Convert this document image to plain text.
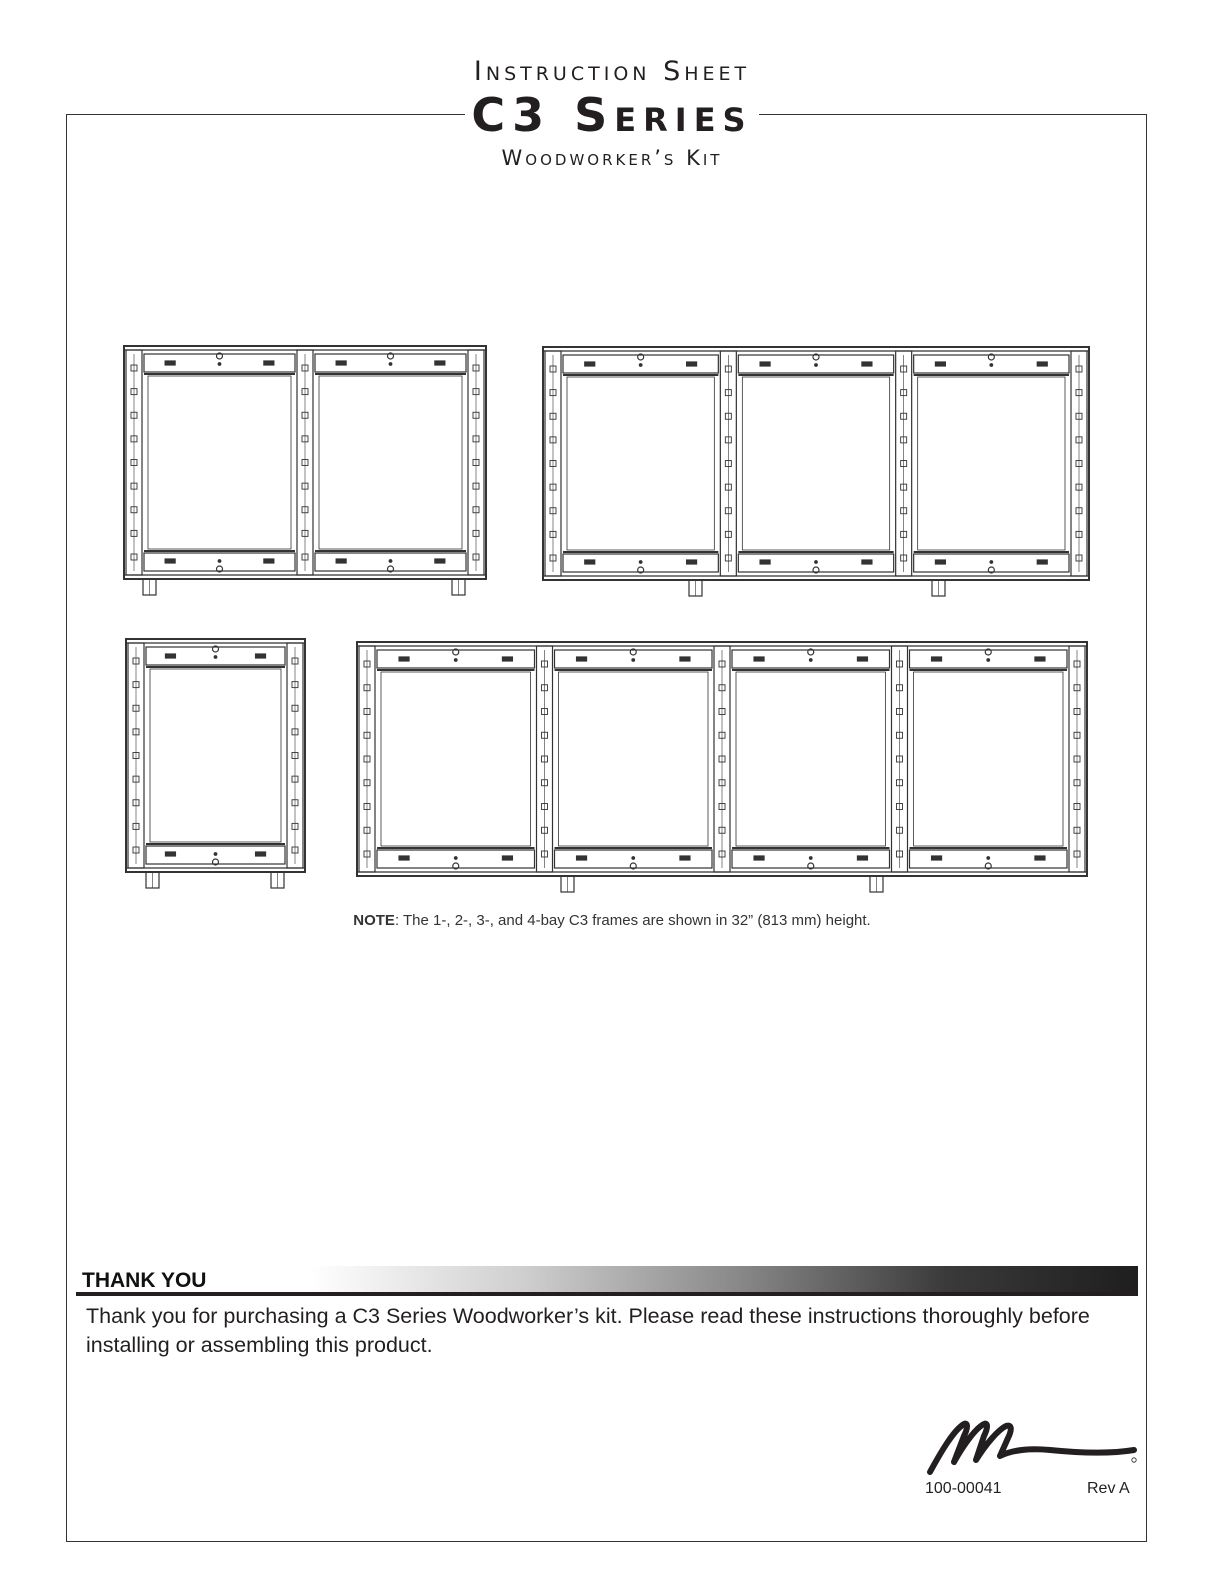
Instruction Sheet
C3 Series
Woodworker’s Kit
NOTE: The 1-, 2-, 3-, and 4-bay C3 frames are shown in 32” (813 mm) height.
THANK YOU
Thank you for purchasing a C3 Series Woodworker’s kit. Please read these instructions thoroughly before installing or assembling this product.
100-00041	Rev A
